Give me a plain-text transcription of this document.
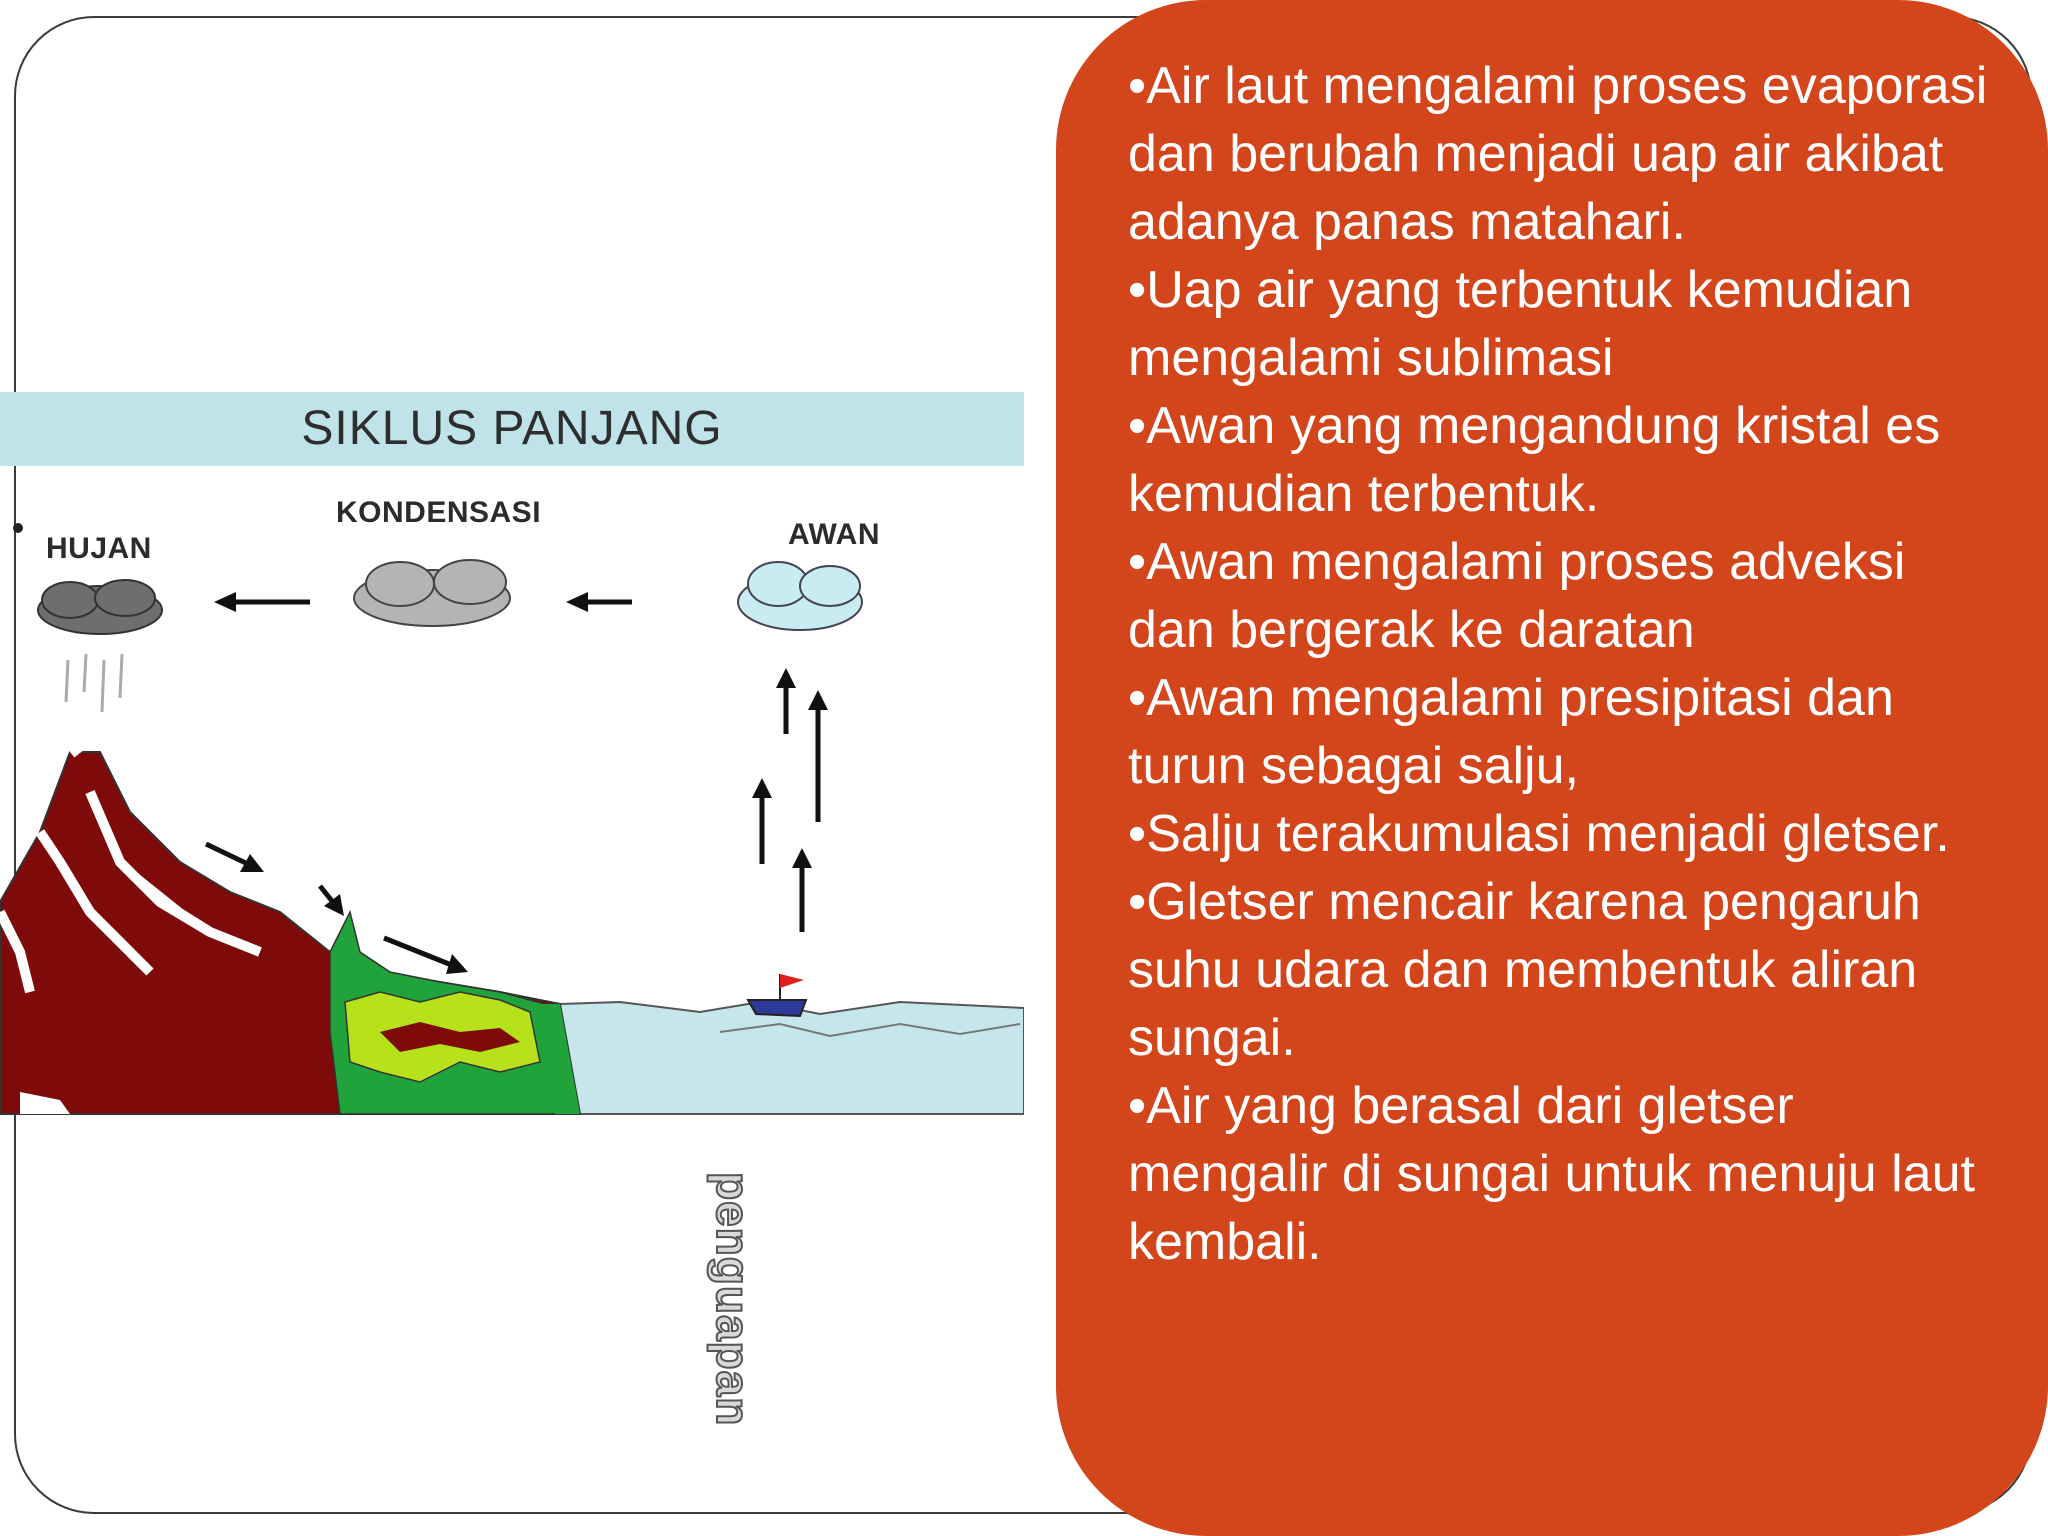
SIKLUS PANJANG
HUJAN
KONDENSASI
AWAN
penguapan
•Air laut mengalami proses evaporasi dan berubah menjadi uap air akibat adanya panas matahari.
•Uap air yang terbentuk kemudian mengalami sublimasi
•Awan yang mengandung kristal es kemudian terbentuk.
•Awan mengalami proses adveksi dan bergerak ke daratan
•Awan mengalami presipitasi dan turun sebagai salju,
•Salju terakumulasi menjadi gletser.
•Gletser mencair karena pengaruh suhu udara dan membentuk aliran sungai.
•Air yang berasal dari gletser mengalir di sungai untuk menuju laut kembali.
